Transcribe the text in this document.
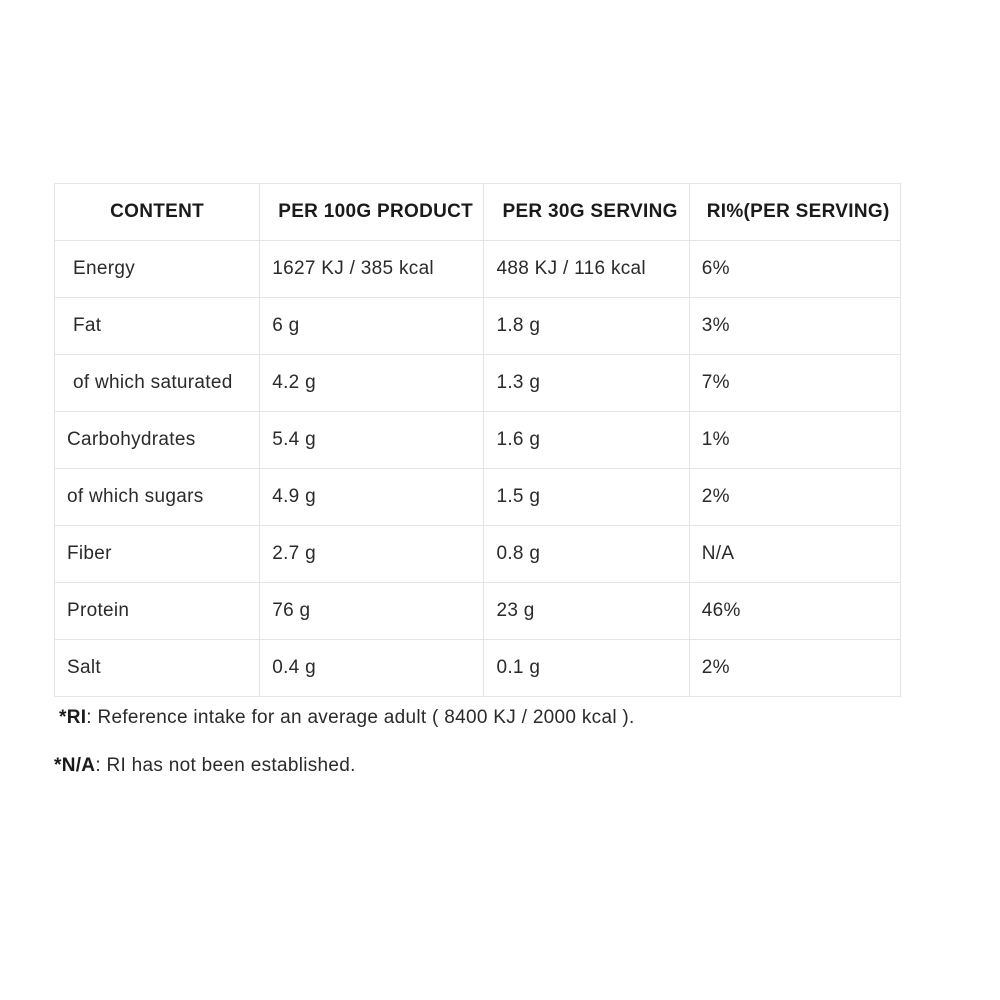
CONTENT	PER 100G PRODUCT	PER 30G SERVING	RI%(PER SERVING)
Energy	1627 KJ / 385 kcal	488 KJ / 116 kcal	6%
Fat	6 g	1.8 g	3%
of which saturated	4.2 g	1.3 g	7%
Carbohydrates	5.4 g	1.6 g	1%
of which sugars	4.9 g	1.5 g	2%
Fiber	2.7 g	0.8 g	N/A
Protein	76 g	23 g	46%
Salt	0.4 g	0.1 g	2%
*RI: Reference intake for an average adult ( 8400 KJ / 2000 kcal ).
*N/A: RI has not been established.
